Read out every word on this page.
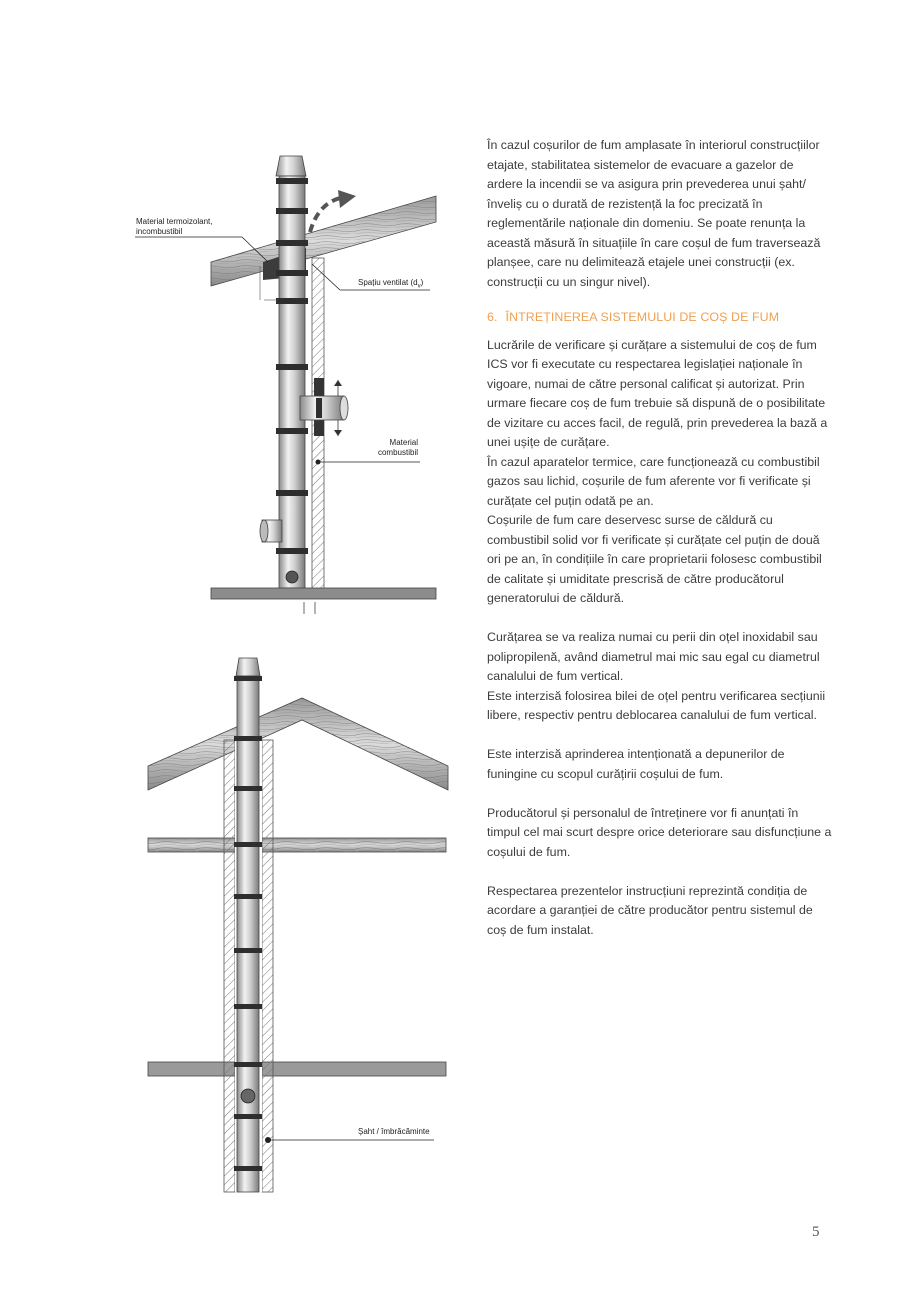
Material termoizolant,
incombustibil
Spațiu ventilat $(d_v)$
Material
combustibil
Șaht / îmbrăcăminte

În cazul coșurilor de fum amplasate în interiorul construcțiilor etajate, stabilitatea sistemelor de evacuare a gazelor de ardere la incendii se va asigura prin prevederea unui șaht/înveliș cu o durată de rezistență la foc precizată în reglementările naționale din domeniu. Se poate renunța la această măsură în situațiile în care coșul de fum traversează planșee, care nu delimitează etajele unei construcții (ex. construcții cu un singur nivel).

6. ÎNTREȚINEREA SISTEMULUI DE COȘ DE FUM

Lucrările de verificare și curățare a sistemului de coș de fum ICS vor fi executate cu respectarea legislației naționale în vigoare, numai de către personal calificat și autorizat. Prin urmare fiecare coș de fum trebuie să dispună de o posibilitate de vizitare cu acces facil, de regulă, prin prevederea la bază a unei ușițe de curățare.

În cazul aparatelor termice, care funcționează cu combustibil gazos sau lichid, coșurile de fum aferente vor fi verificate și curățate cel puțin odată pe an.

Coșurile de fum care deservesc surse de căldură cu combustibil solid vor fi verificate și curățate cel puțin de două ori pe an, în condițiile în care proprietarii folosesc combustibil de calitate și umiditate prescrisă de către producătorul generatorului de căldură.

Curățarea se va realiza numai cu perii din oțel inoxidabil sau polipropilenă, având diametrul mai mic sau egal cu diametrul canalului de fum vertical.

Este interzisă folosirea bilei de oțel pentru verificarea secțiunii libere, respectiv pentru deblocarea canalului de fum vertical.

Este interzisă aprinderea intenționată a depunerilor de funingine cu scopul curățirii coșului de fum.

Producătorul și personalul de întreținere vor fi anunțati în timpul cel mai scurt despre orice deteriorare sau disfuncțiune a coșului de fum.

Respectarea prezentelor instrucțiuni reprezintă condiția de acordare a garanției de către producător pentru sistemul de coș de fum instalat.

5
